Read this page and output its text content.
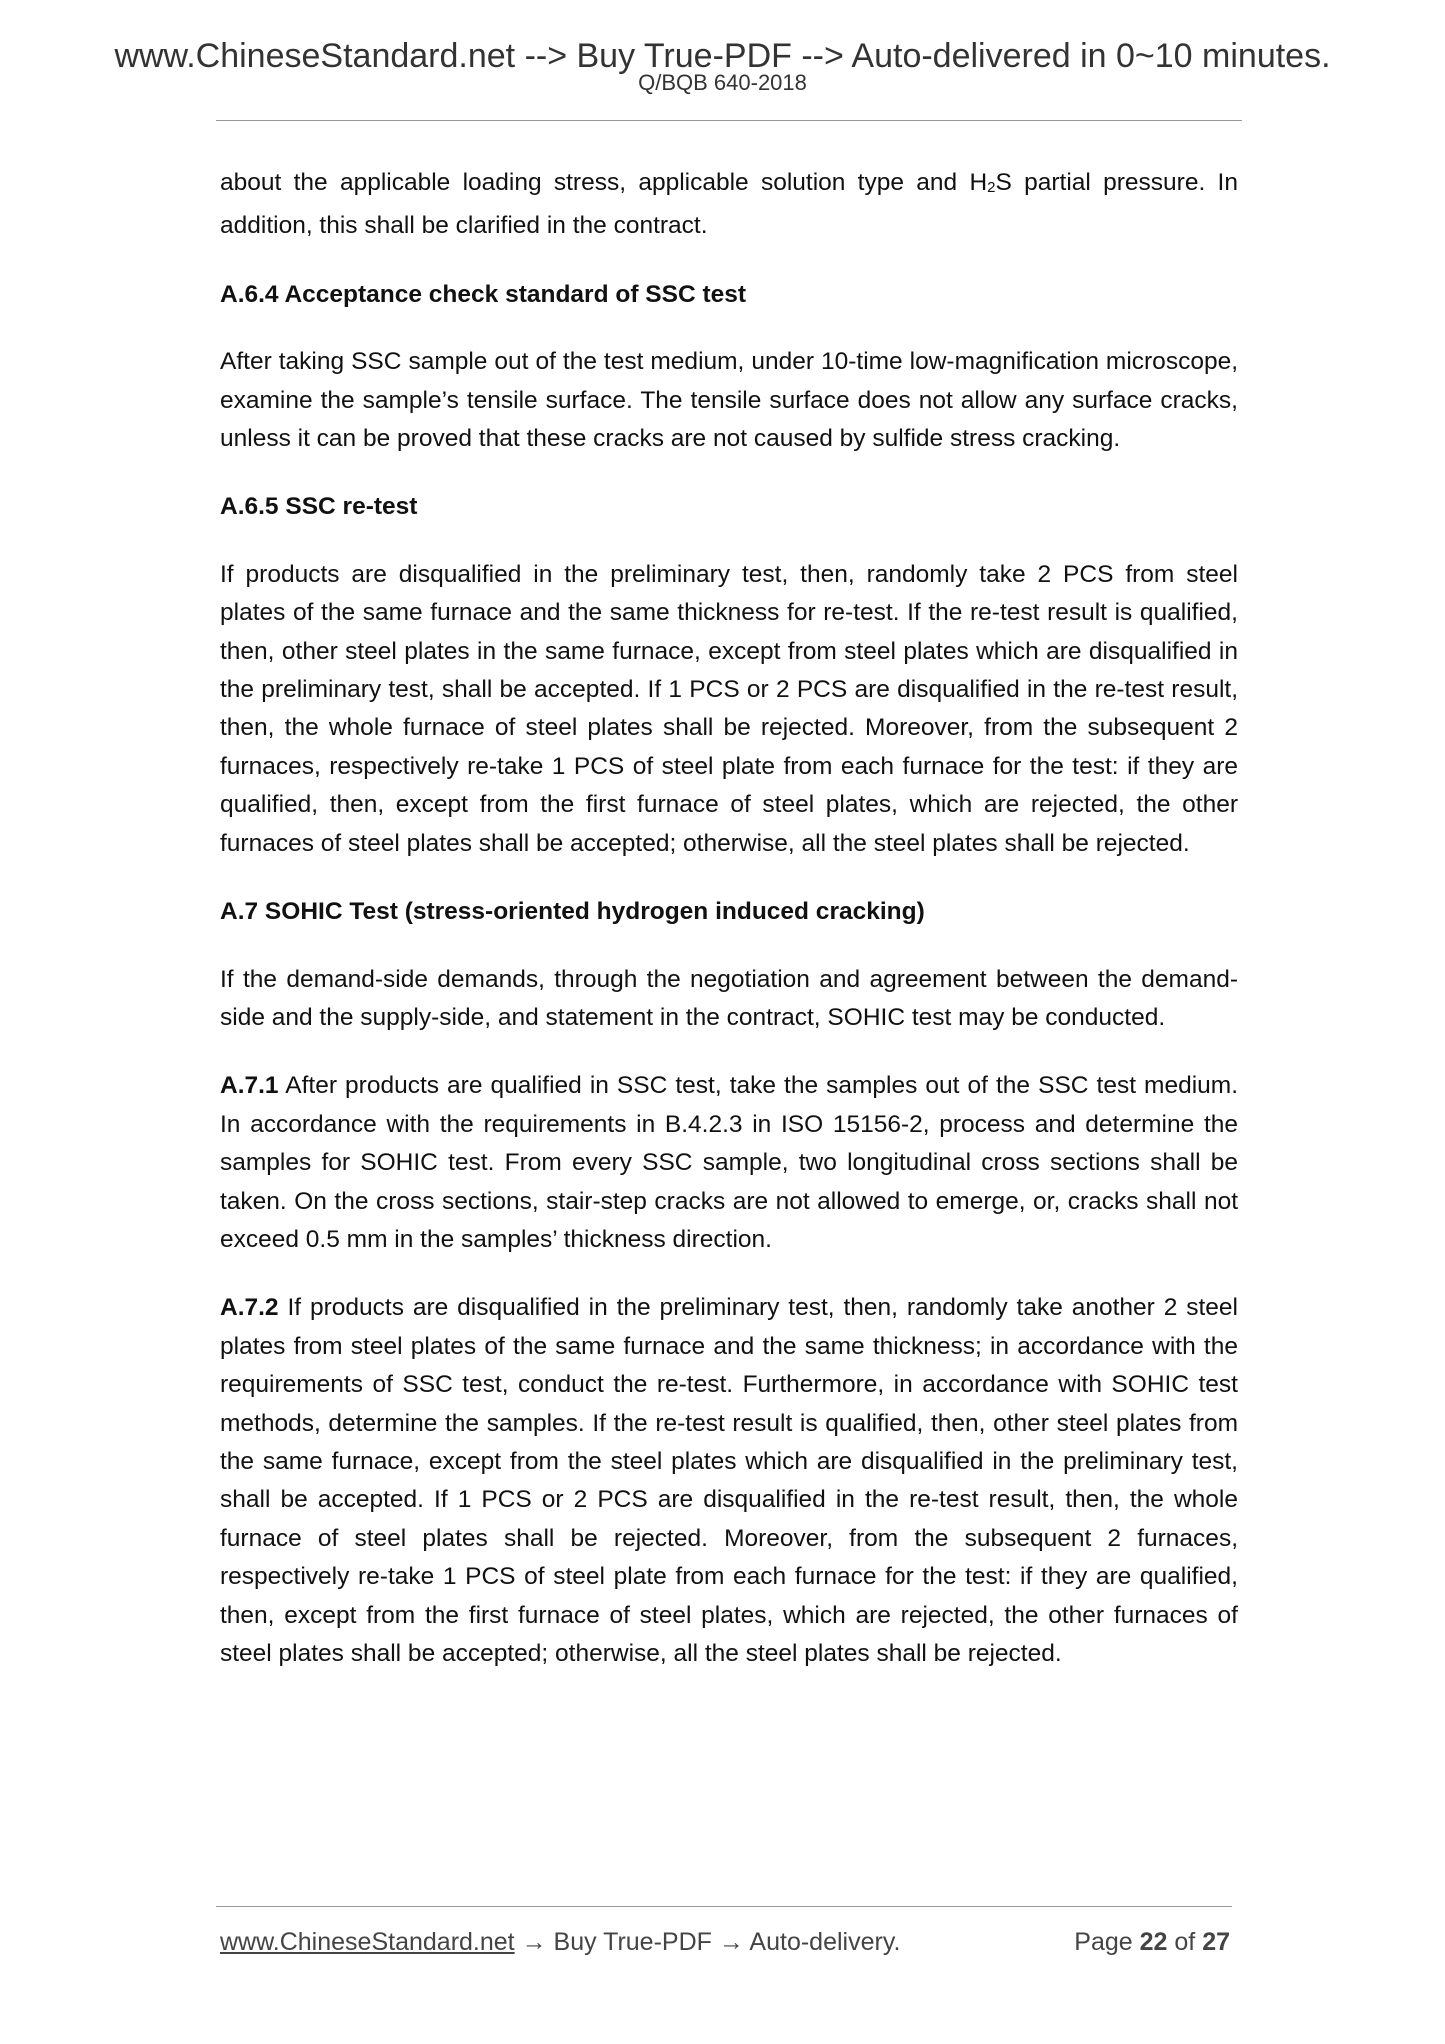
www.ChineseStandard.net --> Buy True-PDF --> Auto-delivered in 0~10 minutes.
Q/BQB 640-2018

about the applicable loading stress, applicable solution type and H2S partial pressure. In addition, this shall be clarified in the contract.

A.6.4 Acceptance check standard of SSC test

After taking SSC sample out of the test medium, under 10-time low-magnification microscope, examine the sample’s tensile surface. The tensile surface does not allow any surface cracks, unless it can be proved that these cracks are not caused by sulfide stress cracking.

A.6.5 SSC re-test

If products are disqualified in the preliminary test, then, randomly take 2 PCS from steel plates of the same furnace and the same thickness for re-test. If the re-test result is qualified, then, other steel plates in the same furnace, except from steel plates which are disqualified in the preliminary test, shall be accepted. If 1 PCS or 2 PCS are disqualified in the re-test result, then, the whole furnace of steel plates shall be rejected. Moreover, from the subsequent 2 furnaces, respectively re-take 1 PCS of steel plate from each furnace for the test: if they are qualified, then, except from the first furnace of steel plates, which are rejected, the other furnaces of steel plates shall be accepted; otherwise, all the steel plates shall be rejected.

A.7 SOHIC Test (stress-oriented hydrogen induced cracking)

If the demand-side demands, through the negotiation and agreement between the demand-side and the supply-side, and statement in the contract, SOHIC test may be conducted.

A.7.1 After products are qualified in SSC test, take the samples out of the SSC test medium. In accordance with the requirements in B.4.2.3 in ISO 15156-2, process and determine the samples for SOHIC test. From every SSC sample, two longitudinal cross sections shall be taken. On the cross sections, stair-step cracks are not allowed to emerge, or, cracks shall not exceed 0.5 mm in the samples’ thickness direction.

A.7.2 If products are disqualified in the preliminary test, then, randomly take another 2 steel plates from steel plates of the same furnace and the same thickness; in accordance with the requirements of SSC test, conduct the re-test. Furthermore, in accordance with SOHIC test methods, determine the samples. If the re-test result is qualified, then, other steel plates from the same furnace, except from the steel plates which are disqualified in the preliminary test, shall be accepted. If 1 PCS or 2 PCS are disqualified in the re-test result, then, the whole furnace of steel plates shall be rejected. Moreover, from the subsequent 2 furnaces, respectively re-take 1 PCS of steel plate from each furnace for the test: if they are qualified, then, except from the first furnace of steel plates, which are rejected, the other furnaces of steel plates shall be accepted; otherwise, all the steel plates shall be rejected.

www.ChineseStandard.net → Buy True-PDF → Auto-delivery.	Page 22 of 27
